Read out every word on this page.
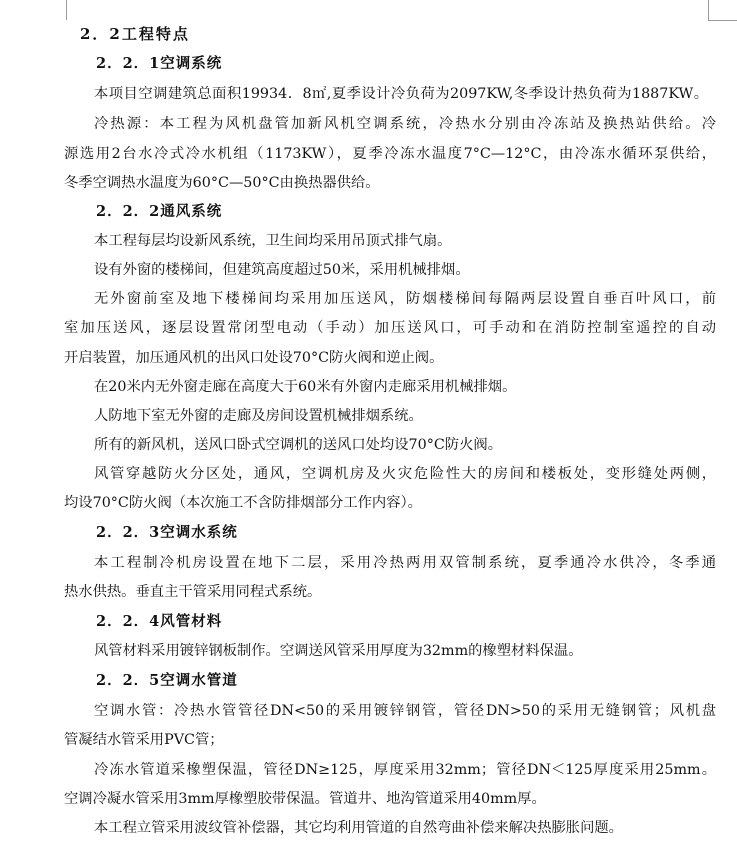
2．2工程特点
2．2．1空调系统
本项目空调建筑总面积19934．8㎡,夏季设计冷负荷为2097KW,冬季设计热负荷为1887KW。
冷热源：本工程为风机盘管加新风机空调系统，冷热水分别由冷冻站及换热站供给。冷
源选用2台水冷式冷水机组（1173KW），夏季冷冻水温度7°C—12°C，由冷冻水循环泵供给，
冬季空调热水温度为60°C—50°C由换热器供给。
2．2．2通风系统
本工程每层均设新风系统，卫生间均采用吊顶式排气扇。
设有外窗的楼梯间，但建筑高度超过50米，采用机械排烟。
无外窗前室及地下楼梯间均采用加压送风，防烟楼梯间每隔两层设置自垂百叶风口，前
室加压送风，逐层设置常闭型电动（手动）加压送风口，可手动和在消防控制室遥控的自动
开启装置，加压通风机的出风口处设70°C防火阀和逆止阀。
在20米内无外窗走廊在高度大于60米有外窗内走廊采用机械排烟。
人防地下室无外窗的走廊及房间设置机械排烟系统。
所有的新风机，送风口卧式空调机的送风口处均设70°C防火阀。
风管穿越防火分区处，通风，空调机房及火灾危险性大的房间和楼板处，变形缝处两侧，
均设70°C防火阀（本次施工不含防排烟部分工作内容）。
2．2．3空调水系统
本工程制冷机房设置在地下二层，采用冷热两用双管制系统，夏季通冷水供冷，冬季通
热水供热。垂直主干管采用同程式系统。
2．2．4风管材料
风管材料采用镀锌钢板制作。空调送风管采用厚度为32mm的橡塑材料保温。
2．2．5空调水管道
空调水管：冷热水管管径DN<50的采用镀锌钢管，管径DN>50的采用无缝钢管；风机盘
管凝结水管采用PVC管；
冷冻水管道采橡塑保温，管径DN≥125，厚度采用32mm；管径DN＜125厚度采用25mm。
空调冷凝水管采用3mm厚橡塑胶带保温。管道井、地沟管道采用40mm厚。
本工程立管采用波纹管补偿器，其它均利用管道的自然弯曲补偿来解决热膨胀问题。
